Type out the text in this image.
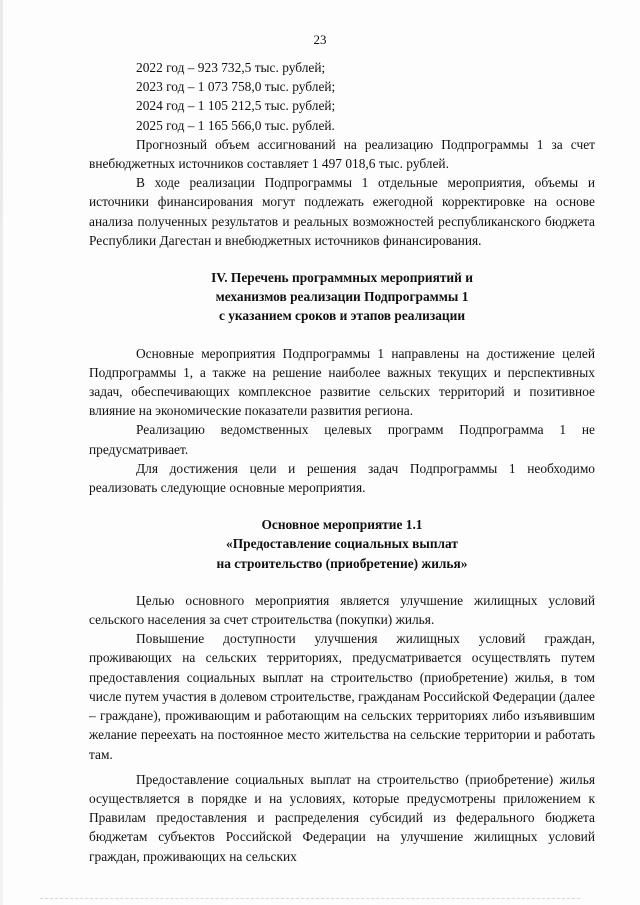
23

2022 год – 923 732,5 тыс. рублей;

2023 год – 1 073 758,0 тыс. рублей;

2024 год – 1 105 212,5 тыс. рублей;

2025 год – 1 165 566,0 тыс. рублей.

Прогнозный объем ассигнований на реализацию Подпрограммы 1 за счет внебюджетных источников составляет 1 497 018,6 тыс. рублей.

В ходе реализации Подпрограммы 1 отдельные мероприятия, объемы и источники финансирования могут подлежать ежегодной корректировке на основе анализа полученных результатов и реальных возможностей республиканского бюджета Республики Дагестан и внебюджетных источников финансирования.

IV. Перечень программных мероприятий и

механизмов реализации Подпрограммы 1

с указанием сроков и этапов реализации

Основные мероприятия Подпрограммы 1 направлены на достижение целей Подпрограммы 1, а также на решение наиболее важных текущих и перспективных задач, обеспечивающих комплексное развитие сельских территорий и позитивное влияние на экономические показатели развития региона.

Реализацию ведомственных целевых программ Подпрограмма 1 не предусматривает.

Для достижения цели и решения задач Подпрограммы 1 необходимо реализовать следующие основные мероприятия.

Основное мероприятие 1.1

«Предоставление социальных выплат

на строительство (приобретение) жилья»

Целью основного мероприятия является улучшение жилищных условий сельского населения за счет строительства (покупки) жилья.

Повышение доступности улучшения жилищных условий граждан, проживающих на сельских территориях, предусматривается осуществлять путем предоставления социальных выплат на строительство (приобретение) жилья, в том числе путем участия в долевом строительстве, гражданам Российской Федерации (далее – граждане), проживающим и работающим на сельских территориях либо изъявившим желание переехать на постоянное место жительства на сельские территории и работать там.

Предоставление социальных выплат на строительство (приобретение) жилья осуществляется в порядке и на условиях, которые предусмотрены приложением к Правилам предоставления и распределения субсидий из федерального бюджета бюджетам субъектов Российской Федерации на улучшение жилищных условий граждан, проживающих на сельских
